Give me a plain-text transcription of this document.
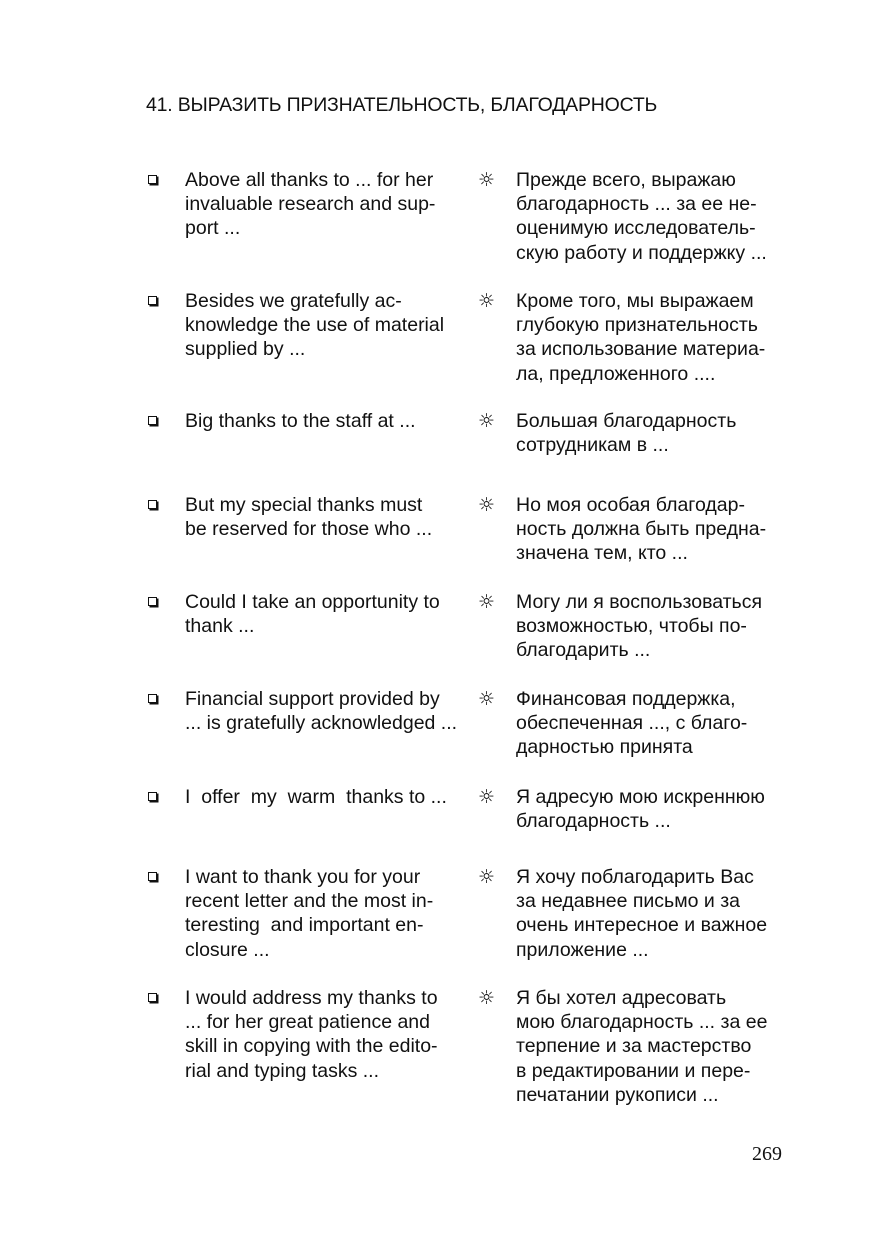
41. ВЫРАЗИТЬ ПРИЗНАТЕЛЬНОСТЬ, БЛАГОДАРНОСТЬ

Above all thanks to ... for her
invaluable research and sup-
port ...

☼ Прежде всего, выражаю
благодарность ... за ее не-
оценимую исследователь-
скую работу и поддержку ...

Besides we gratefully ac-
knowledge the use of material
supplied by ...

☼ Кроме того, мы выражаем
глубокую признательность
за использование материа-
ла, предложенного ....

Big thanks to the staff at ...	☼ Большая благодарность
сотрудникам в ...

But my special thanks must
be reserved for those who ...

☼ Но моя особая благодар-
ность должна быть предна-
значена тем, кто ...

Could I take an opportunity to
thank ...

☼ Могу ли я воспользоваться
возможностью, чтобы по-
благодарить ...

Financial support provided by
... is gratefully acknowledged ...

☼ Финансовая поддержка,
обеспеченная ..., с благо-
дарностью принята

I  offer  my  warm  thanks to ...	☼ Я адресую мою искреннюю
благодарность ...

I want to thank you for your
recent letter and the most in-
teresting  and important en-
closure ...

☼ Я хочу поблагодарить Вас
за недавнее письмо и за
очень интересное и важное
приложение ...

I would address my thanks to
... for her great patience and
skill in copying with the edito-
rial and typing tasks ...

☼ Я бы хотел адресовать
мою благодарность ... за ее
терпение и за мастерство
в редактировании и пере-
печатании рукописи ...

269
